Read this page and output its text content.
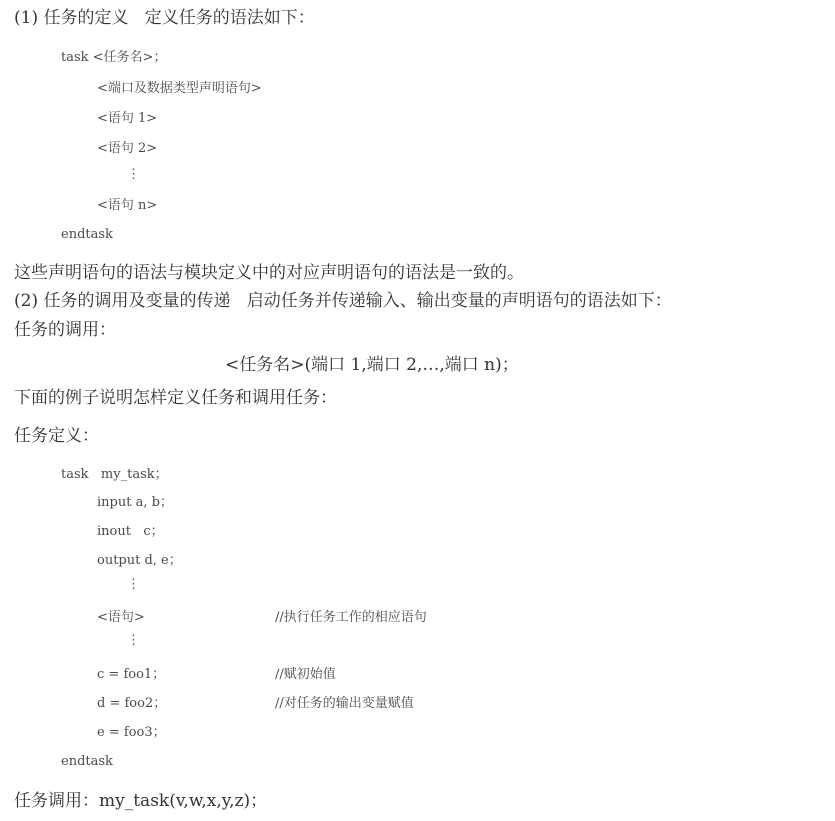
(1) 任务的定义   定义任务的语法如下：
task <任务名>；
<端口及数据类型声明语句>
<语句 1>
<语句 2>
⋮
<语句 n>
endtask
这些声明语句的语法与模块定义中的对应声明语句的语法是一致的。
(2) 任务的调用及变量的传递   启动任务并传递输入、输出变量的声明语句的语法如下：
任务的调用：
<任务名>(端口 1,端口 2,…,端口 n)；
下面的例子说明怎样定义任务和调用任务：
任务定义：
task   my_task；
input a, b；
inout   c；
output d, e；
⋮
<语句>	//执行任务工作的相应语句
⋮
c = foo1；	//赋初始值
d = foo2；	//对任务的输出变量赋值
e = foo3；
endtask
任务调用：my_task(v,w,x,y,z)；
